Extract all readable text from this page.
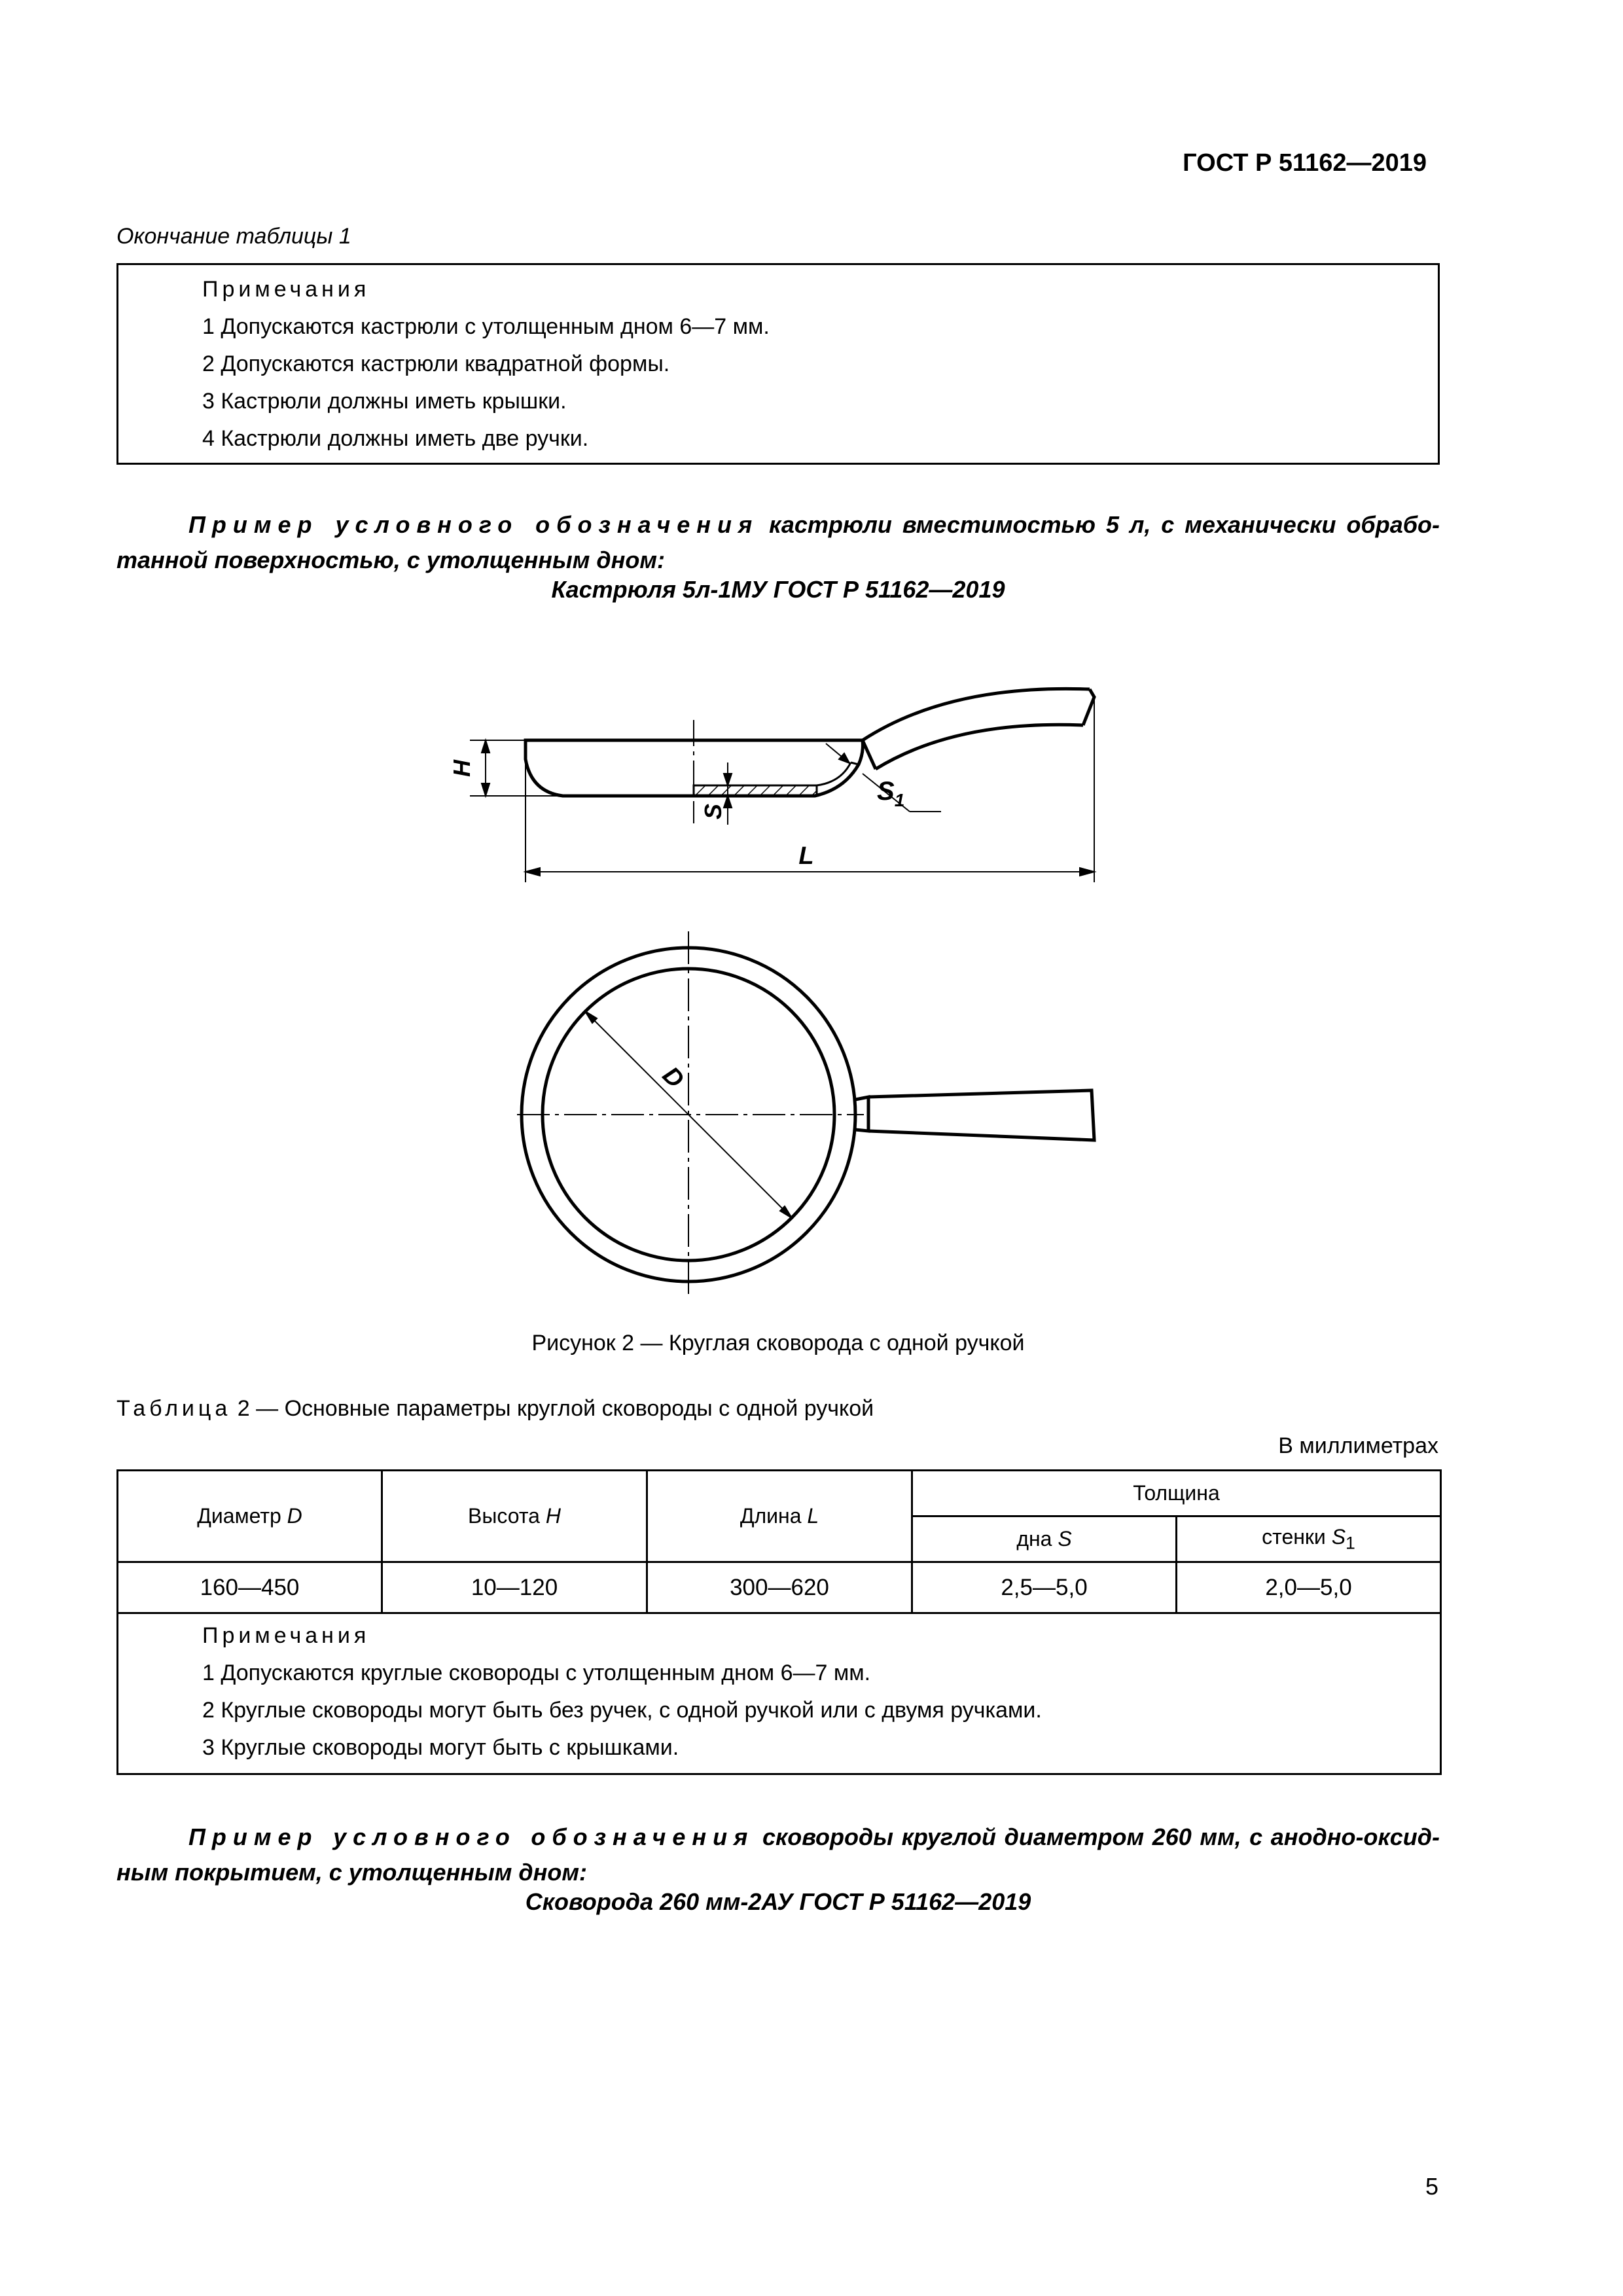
ГОСТ Р 51162—2019
Окончание таблицы 1
Примечания
1 Допускаются кастрюли с утолщенным дном 6—7 мм.
2 Допускаются кастрюли квадратной формы.
3 Кастрюли должны иметь крышки.
4 Кастрюли должны иметь две ручки.
Пример условного обозначения кастрюли вместимостью 5 л, с механически обрабо-
танной поверхностью, с утолщенным дном:
Кастрюля 5л-1МУ ГОСТ Р 51162—2019
H
S
$S_1$
L
D
Рисунок 2 — Круглая сковорода с одной ручкой
Таблица 2 — Основные параметры круглой сковороды с одной ручкой
В миллиметрах
Диаметр D	Высота H	Длина L	Толщина	
			дна S	стенки $S_1$
160—450	10—120	300—620	2,5—5,0	2,0—5,0

Примечания
1 Допускаются круглые сковороды с утолщенным дном 6—7 мм.
2 Круглые сковороды могут быть без ручек, с одной ручкой или с двумя ручками.
3 Круглые сковороды могут быть с крышками.				
Пример условного обозначения сковороды круглой диаметром 260 мм, с анодно-оксид-
ным покрытием, с утолщенным дном:
Сковорода 260 мм-2АУ ГОСТ Р 51162—2019
5
